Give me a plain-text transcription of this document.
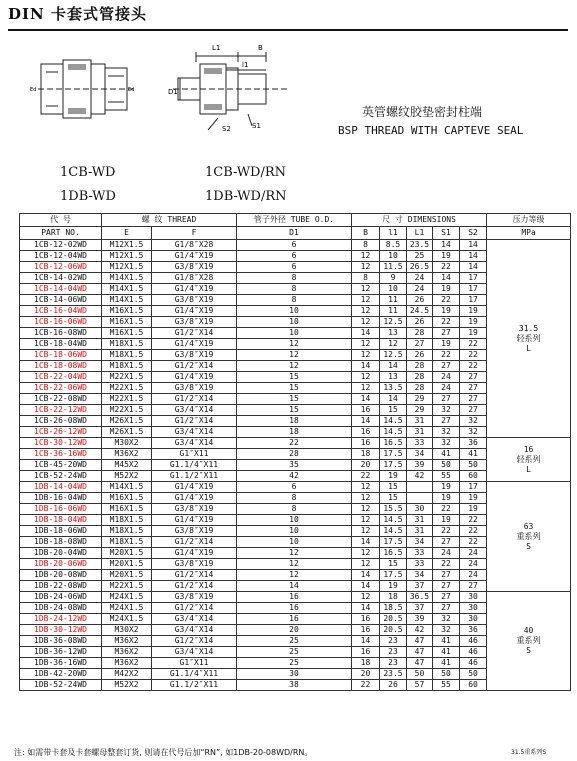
DIN 卡套式管接头
Ed	Ed
L1	B
l1
D1
S2	S1
英管螺纹胶垫密封柱端
BSP THREAD WITH CAPTEVE SEAL
1CB-WD	1CB-WD/RN
1DB-WD	1DB-WD/RN
代 号	螺 纹 THREAD		管子外径 TUBE O.D.	尺 寸 DIMENSIONS					压力等级
PART NO.	E	F	D1	B	l1	L1	S1	S2	MPa
1CB-12-02WD	M12X1.5	G1/8″X28	6	8	8.5	23.5	14	14	31.5
轻系列
L
1CB-12-04WD	M12X1.5	G1/4″X19	6	12	10	25	19	14	
1CB-12-06WD	M12X1.5	G3/8″X19	6	12	11.5	26.5	22	14	
1CB-14-02WD	M14X1.5	G1/8″X28	8	8	9	24	14	17	
1CB-14-04WD	M14X1.5	G1/4″X19	8	12	10	24	19	17	
1CB-14-06WD	M14X1.5	G3/8″X19	8	12	11	26	22	17	
1CB-16-04WD	M16X1.5	G1/4″X19	10	12	11	24.5	19	19	
1CB-16-06WD	M16X1.5	G3/8″X19	10	12	12.5	26	22	19	
1CB-16-08WD	M16X1.5	G1/2″X14	10	14	13	28	27	19	
1CB-18-04WD	M18X1.5	G1/4″X19	12	12	12	27	19	22	
1CB-18-06WD	M18X1.5	G3/8″X19	12	12	12.5	26	22	22	
1CB-18-08WD	M18X1.5	G1/2″X14	12	14	14	28	27	22	
1CB-22-04WD	M22X1.5	G1/4″X19	15	12	13	28	24	27	
1CB-22-06WD	M22X1.5	G3/8″X19	15	12	13.5	28	24	27	
1CB-22-08WD	M22X1.5	G1/2″X14	15	14	14	29	27	27	
1CB-22-12WD	M22X1.5	G3/4″X14	15	16	15	29	32	27	
1CB-26-08WD	M26X1.5	G1/2″X14	18	14	14.5	31	27	32	
1CB-26-12WD	M26X1.5	G3/4″X14	18	16	14.5	31	32	32	
1CB-30-12WD	M30X2	G3/4″X14	22	16	16.5	33	32	36	16
轻系列
L
1CB-36-16WD	M36X2	G1″X11	28	18	17.5	34	41	41	
1CB-45-20WD	M45X2	G1.1/4″X11	35	20	17.5	39	50	50	
1CB-52-24WD	M52X2	G1.1/2″X11	42	22	19	42	55	60	
1DB-14-04WD	M14X1.5	G1/4″X19	6	12	15		19	17	63
重系列
S
1DB-16-04WD	M16X1.5	G1/4″X19	8	12	15		19	19	
1DB-16-06WD	M16X1.5	G3/8″X19	8	12	15.5	30	22	19	
1DB-18-04WD	M18X1.5	G1/4″X19	10	12	14.5	31	19	22	
1DB-18-06WD	M18X1.5	G3/8″X19	10	12	14.5	31	22	22	
1DB-18-08WD	M18X1.5	G1/2″X14	10	14	17.5	34	27	22	
1DB-20-04WD	M20X1.5	G1/4″X19	12	12	16.5	33	24	24	
1DB-20-06WD	M20X1.5	G3/8″X19	12	12	15	33	22	24	
1DB-20-08WD	M20X1.5	G1/2″X14	12	14	17.5	34	27	24	
1DB-22-08WD	M22X1.5	G1/2″X14	14	14	19	37	27	27	
1DB-24-06WD	M24X1.5	G3/8″X19	16	12	18	36.5	27	30	40
重系列
S
1DB-24-08WD	M24X1.5	G1/2″X14	16	14	18.5	37	27	30	
1DB-24-12WD	M24X1.5	G3/4″X14	16	16	20.5	39	32	30	
1DB-30-12WD	M30X2	G3/4″X14	20	16	20.5	42	32	36	
1DB-36-08WD	M36X2	G1/2″X14	25	14	23	47	41	46	
1DB-36-12WD	M36X2	G3/4″X14	25	16	23	47	41	46	
1DB-36-16WD	M36X2	G1″X11	25	18	23	47	41	46	
1DB-42-20WD	M42X2	G1.1/4″X11	30	20	23.5	50	50	50	
1DB-52-24WD	M52X2	G1.1/2″X11	38	22	26	57	55	60	
注: 如需带卡套及卡套螺母整套订货, 则请在代号后加“RN”, 如1DB-20-08WD/RN。	31.5重系列S
